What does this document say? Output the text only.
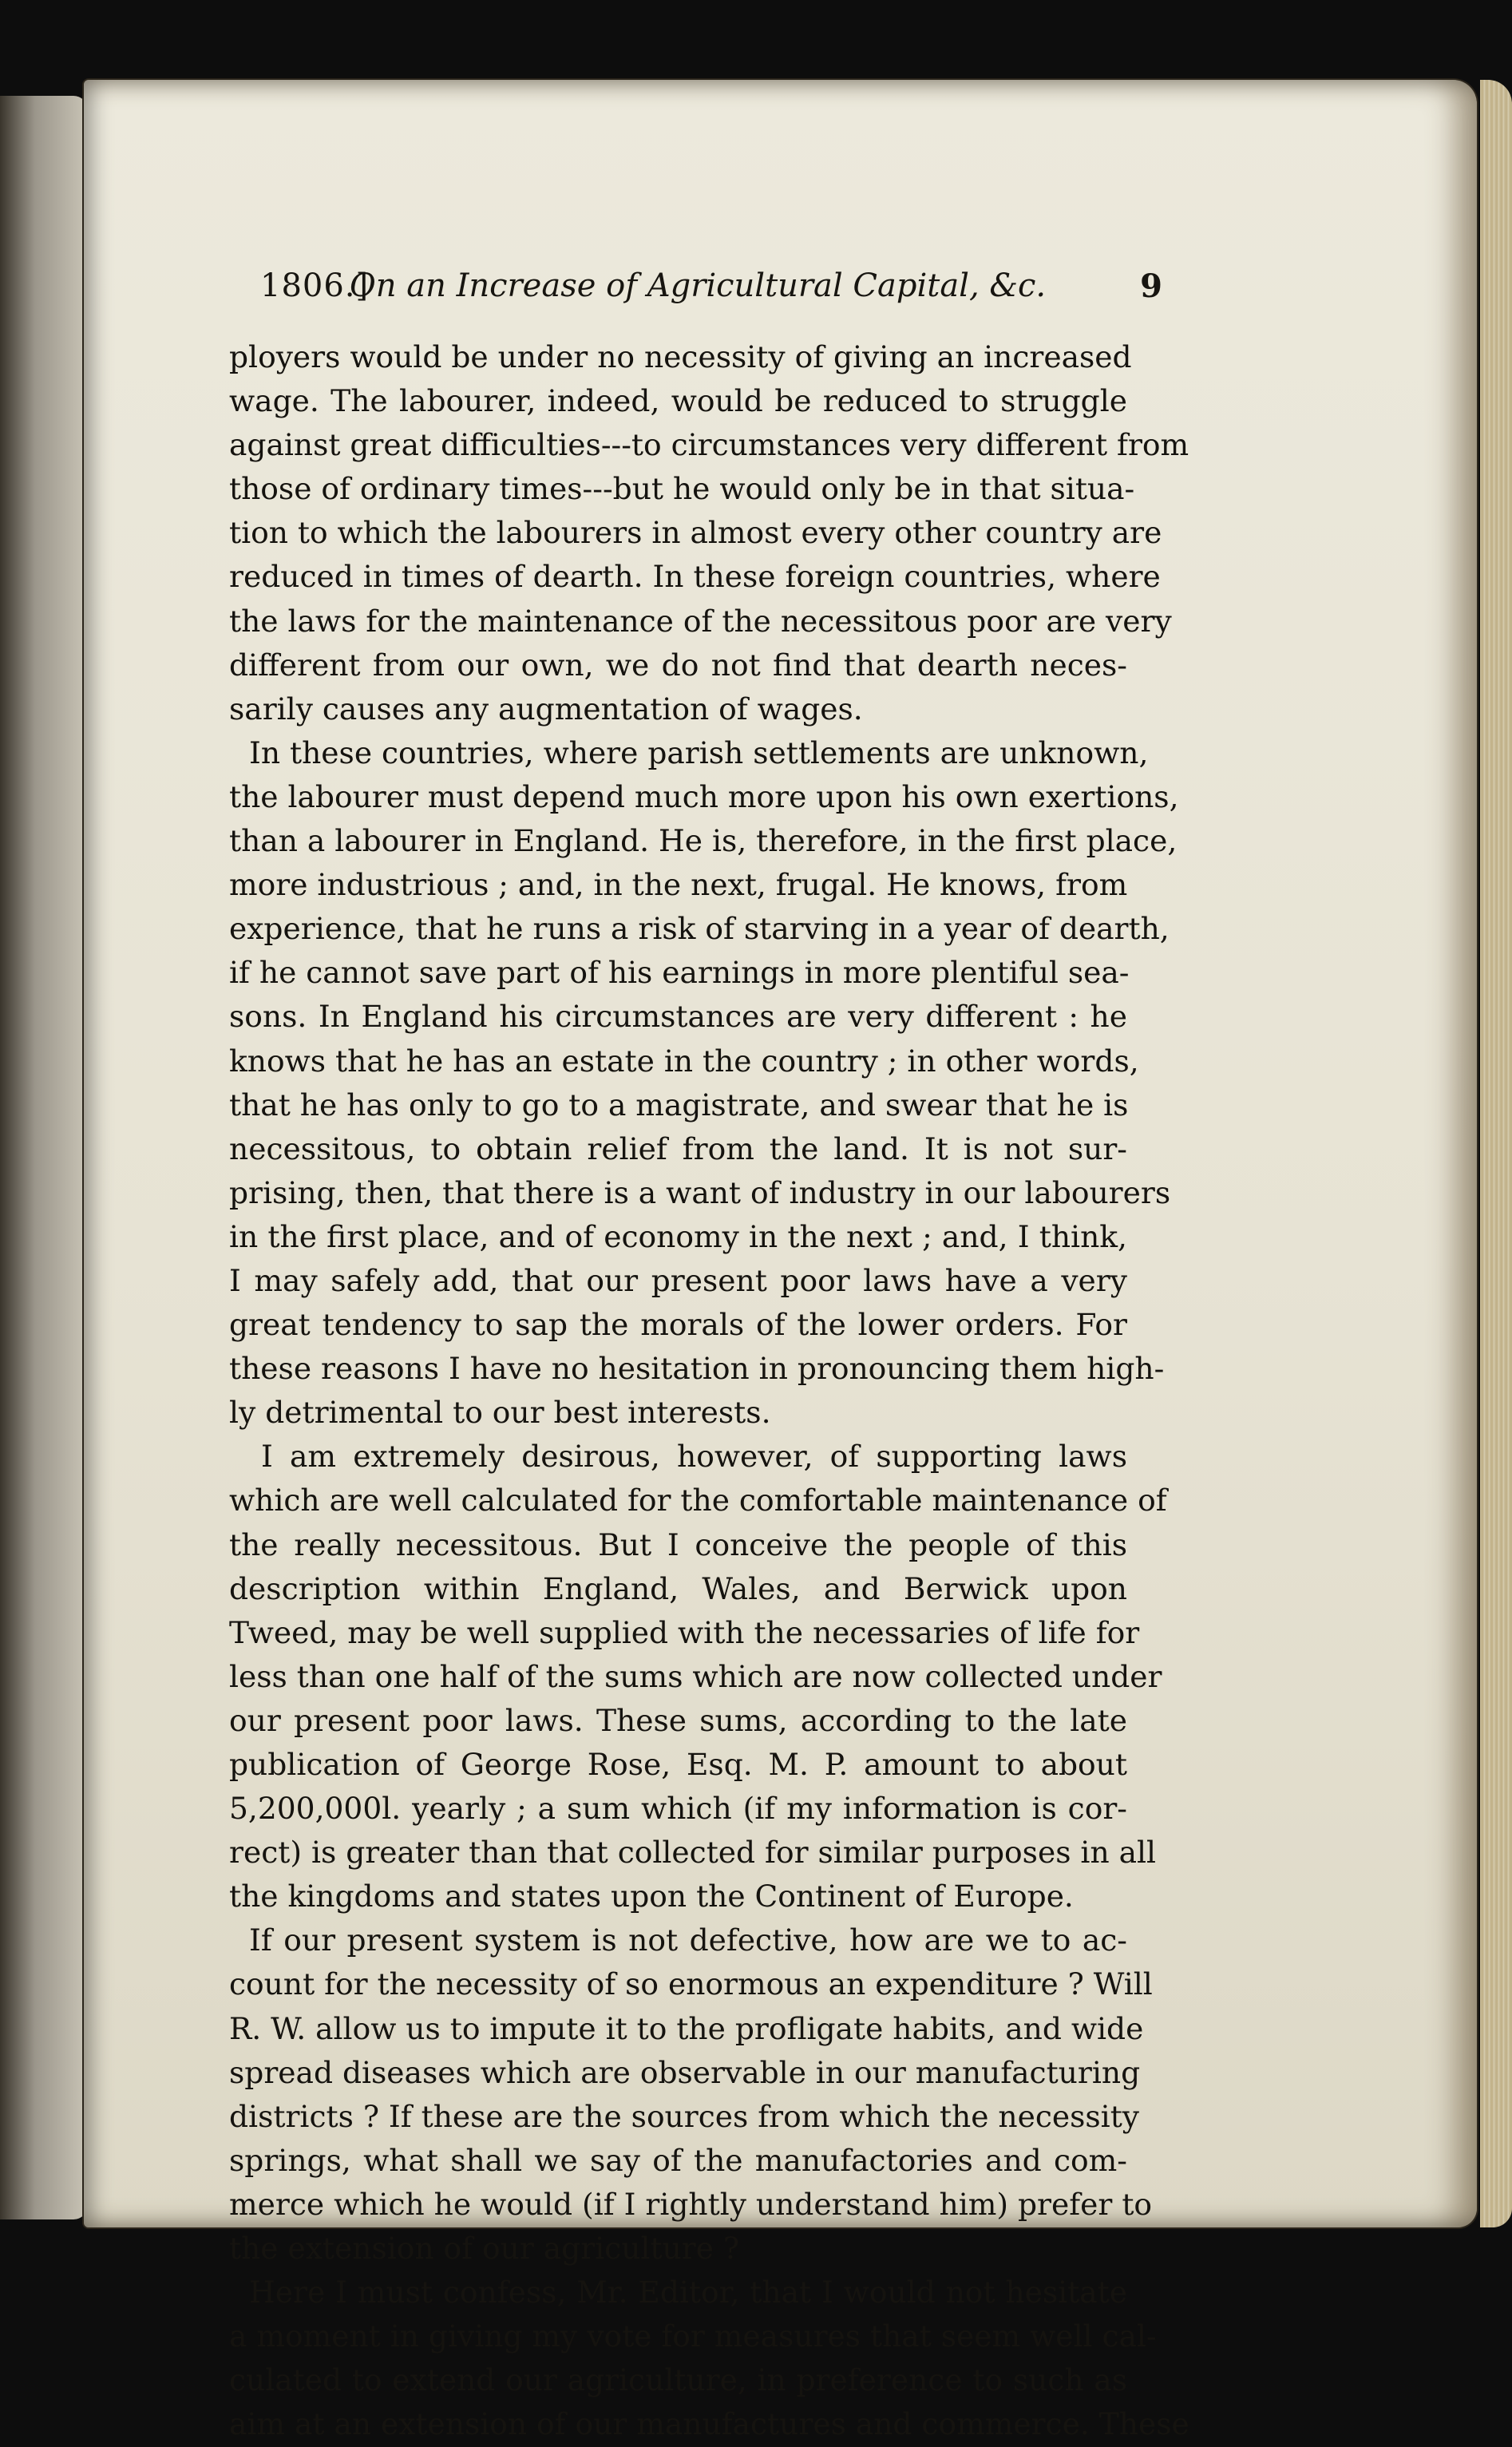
1806.]
On an Increase of Agricultural Capital, &c.	9
ployers would be under no necessity of giving an increased
wage. The labourer, indeed, would be reduced to struggle
against great difficulties---to circumstances very different from
those of ordinary times---but he would only be in that situa-
tion to which the labourers in almost every other country are
reduced in times of dearth. In these foreign countries, where
the laws for the maintenance of the necessitous poor are very
different from our own, we do not find that dearth neces-
sarily causes any augmentation of wages.
In these countries, where parish settlements are unknown,
the labourer must depend much more upon his own exertions,
than a labourer in England. He is, therefore, in the first place,
more industrious ; and, in the next, frugal. He knows, from
experience, that he runs a risk of starving in a year of dearth,
if he cannot save part of his earnings in more plentiful sea-
sons. In England his circumstances are very different : he
knows that he has an estate in the country ; in other words,
that he has only to go to a magistrate, and swear that he is
necessitous, to obtain relief from the land. It is not sur-
prising, then, that there is a want of industry in our labourers
in the first place, and of economy in the next ; and, I think,
I may safely add, that our present poor laws have a very
great tendency to sap the morals of the lower orders. For
these reasons I have no hesitation in pronouncing them high-
ly detrimental to our best interests.
I am extremely desirous, however, of supporting laws
which are well calculated for the comfortable maintenance of
the really necessitous. But I conceive the people of this
description within England, Wales, and Berwick upon
Tweed, may be well supplied with the necessaries of life for
less than one half of the sums which are now collected under
our present poor laws. These sums, according to the late
publication of George Rose, Esq. M. P. amount to about
5,200,000l. yearly ; a sum which (if my information is cor-
rect) is greater than that collected for similar purposes in all
the kingdoms and states upon the Continent of Europe.
If our present system is not defective, how are we to ac-
count for the necessity of so enormous an expenditure ? Will
R. W. allow us to impute it to the profligate habits, and wide
spread diseases which are observable in our manufacturing
districts ? If these are the sources from which the necessity
springs, what shall we say of the manufactories and com-
merce which he would (if I rightly understand him) prefer to
the extension of our agriculture ?
Here I must confess, Mr. Editor, that I would not hesitate
a moment in giving my vote for measures that seem well cal-
culated to extend our agriculture, in preference to such as
aim at an extension of our manufactures and commerce. These
